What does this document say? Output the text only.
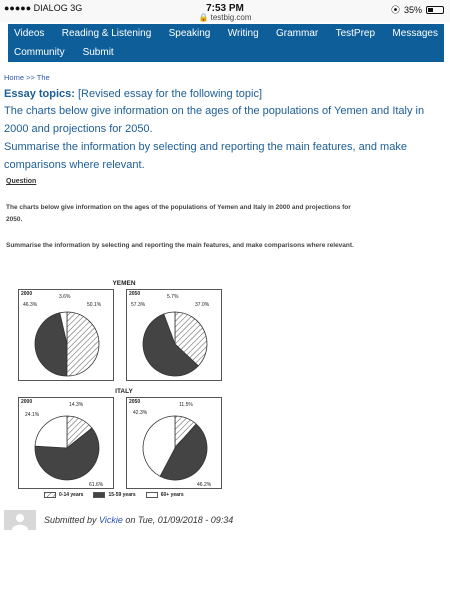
●●●●● DIALOG 3G	7:53 PM
🔒 testbig.com
⦿ 35%
Videos Reading & Listening Speaking Writing Grammar TestPrep Messages
Community Submit
Home >> The
Essay topics: [Revised essay for the following topic]
The charts below give information on the ages of the populations of Yemen and Italy in 2000 and projections for 2050.
Summarise the information by selecting and reporting the main features, and make comparisons where relevant.
Question
The charts below give information on the ages of the populations of Yemen and Italy in 2000 and projections for 2050.
Summarise the information by selecting and reporting the main features, and make comparisons where relevant.
YEMEN
2000
46.3%
3.6%
50.1%
2050
57.3%
5.7%
37.0%
ITALY
2000
24.1%
14.3%
61.6%
2050
42.3%
11.5%
46.2%
0-14 years	15-59 years	60+ years
Submitted by Vickie on Tue, 01/09/2018 - 09:34
